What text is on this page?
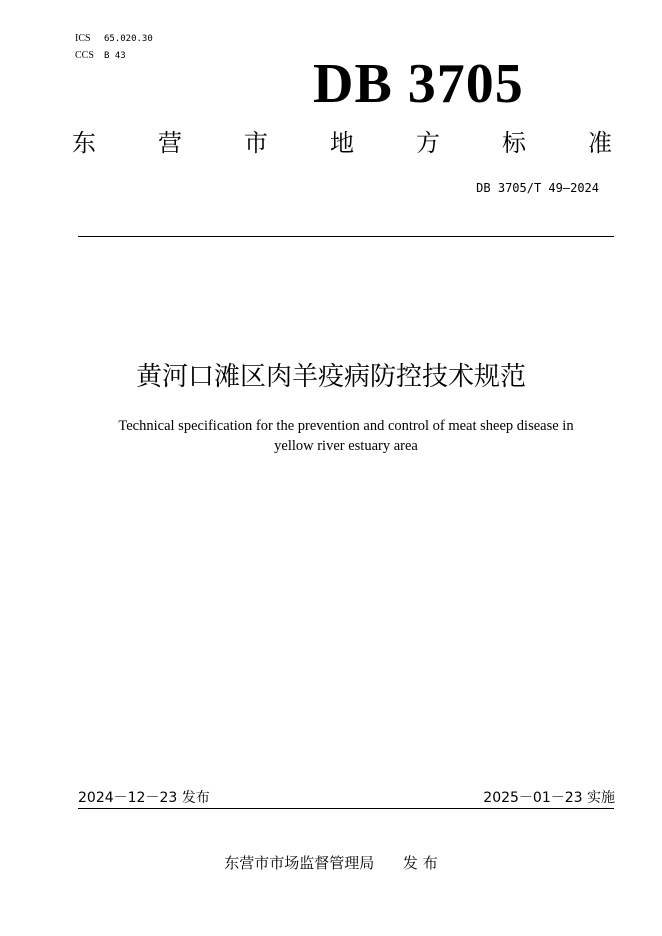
ICS 65.020.30
CCS B 43	DB 3705
东	营	市	地	方	标	准
DB 3705/T 49—2024
黄河口滩区肉羊疫病防控技术规范
Technical specification for the prevention and control of meat sheep disease in
yellow river estuary area
2024－12－23 发布	2025－01－23 实施
东营市市场监督管理局 发 布
